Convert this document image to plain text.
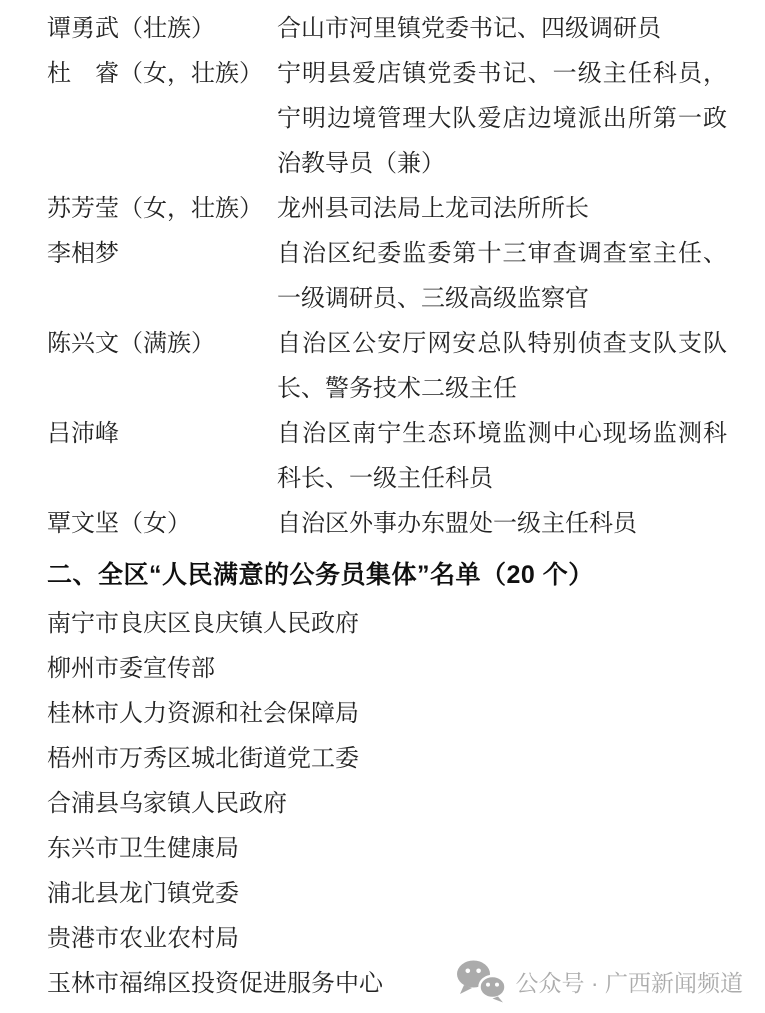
谭勇武（壮族）	合山市河里镇党委书记、四级调研员
杜　睿（女，壮族） 宁明县爱店镇党委书记、一级主任科员，宁明边境管理大队爱店边境派出所第一政治教导员（兼）
苏芳莹（女，壮族） 龙州县司法局上龙司法所所长
李相梦	自治区纪委监委第十三审查调查室主任、一级调研员、三级高级监察官
陈兴文（满族）	自治区公安厅网安总队特别侦查支队支队长、警务技术二级主任
吕沛峰	自治区南宁生态环境监测中心现场监测科科长、一级主任科员
覃文坚（女）	自治区外事办东盟处一级主任科员
二、全区“人民满意的公务员集体”名单（20 个）
南宁市良庆区良庆镇人民政府
柳州市委宣传部
桂林市人力资源和社会保障局
梧州市万秀区城北街道党工委
合浦县乌家镇人民政府
东兴市卫生健康局
浦北县龙门镇党委
贵港市农业农村局
玉林市福绵区投资促进服务中心	公众号 · 广西新闻频道
